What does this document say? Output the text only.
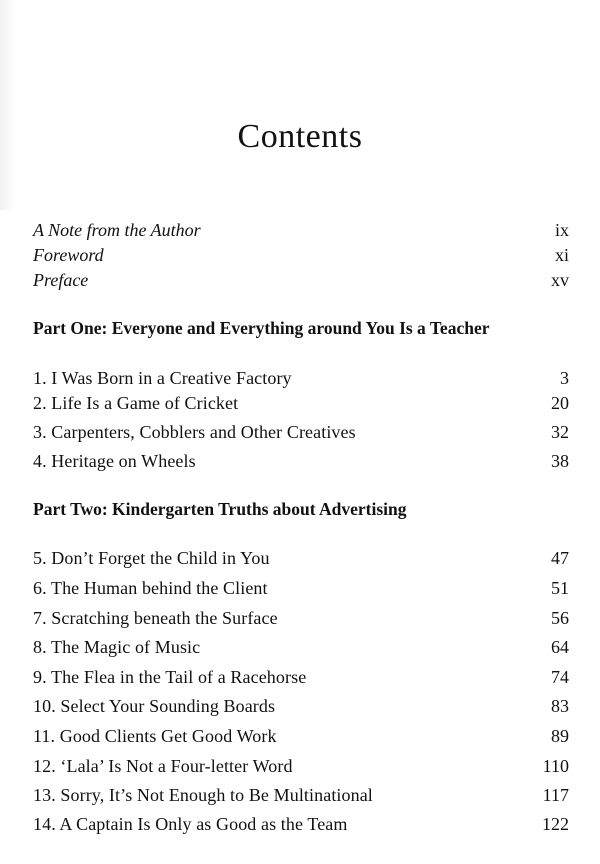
Contents
A Note from the Author	ix
Foreword	xi
Preface	xv

Part One: Everyone and Everything around You Is a Teacher

1. I Was Born in a Creative Factory	3
2. Life Is a Game of Cricket	20
3. Carpenters, Cobblers and Other Creatives	32
4. Heritage on Wheels	38

Part Two: Kindergarten Truths about Advertising

5. Don’t Forget the Child in You	47
6. The Human behind the Client	51
7. Scratching beneath the Surface	56
8. The Magic of Music	64
9. The Flea in the Tail of a Racehorse	74
10. Select Your Sounding Boards	83
11. Good Clients Get Good Work	89
12. ‘Lala’ Is Not a Four-letter Word	110
13. Sorry, It’s Not Enough to Be Multinational	117
14. A Captain Is Only as Good as the Team	122
